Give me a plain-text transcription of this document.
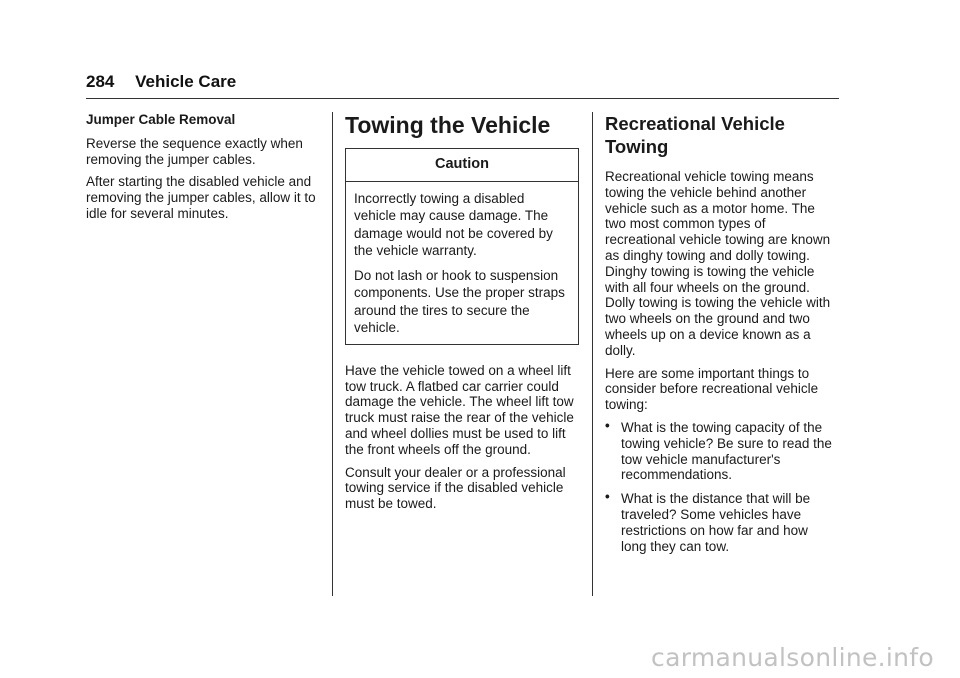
284 Vehicle Care
Jumper Cable Removal

Reverse the sequence exactly when removing the jumper cables.

After starting the disabled vehicle and removing the jumper cables, allow it to idle for several minutes.

Towing the Vehicle
Caution

Incorrectly towing a disabled vehicle may cause damage. The damage would not be covered by the vehicle warranty.

Do not lash or hook to suspension components. Use the proper straps around the tires to secure the vehicle.

Have the vehicle towed on a wheel lift tow truck. A flatbed car carrier could damage the vehicle. The wheel lift tow truck must raise the rear of the vehicle and wheel dollies must be used to lift the front wheels off the ground.

Consult your dealer or a professional towing service if the disabled vehicle must be towed.

Recreational Vehicle Towing

Recreational vehicle towing means towing the vehicle behind another vehicle such as a motor home. The two most common types of recreational vehicle towing are known as dinghy towing and dolly towing. Dinghy towing is towing the vehicle with all four wheels on the ground. Dolly towing is towing the vehicle with two wheels on the ground and two wheels up on a device known as a dolly.

Here are some important things to consider before recreational vehicle towing:

• What is the towing capacity of the towing vehicle? Be sure to read the tow vehicle manufacturer's recommendations.
• What is the distance that will be traveled? Some vehicles have restrictions on how far and how long they can tow.
carmanualsonline.info
